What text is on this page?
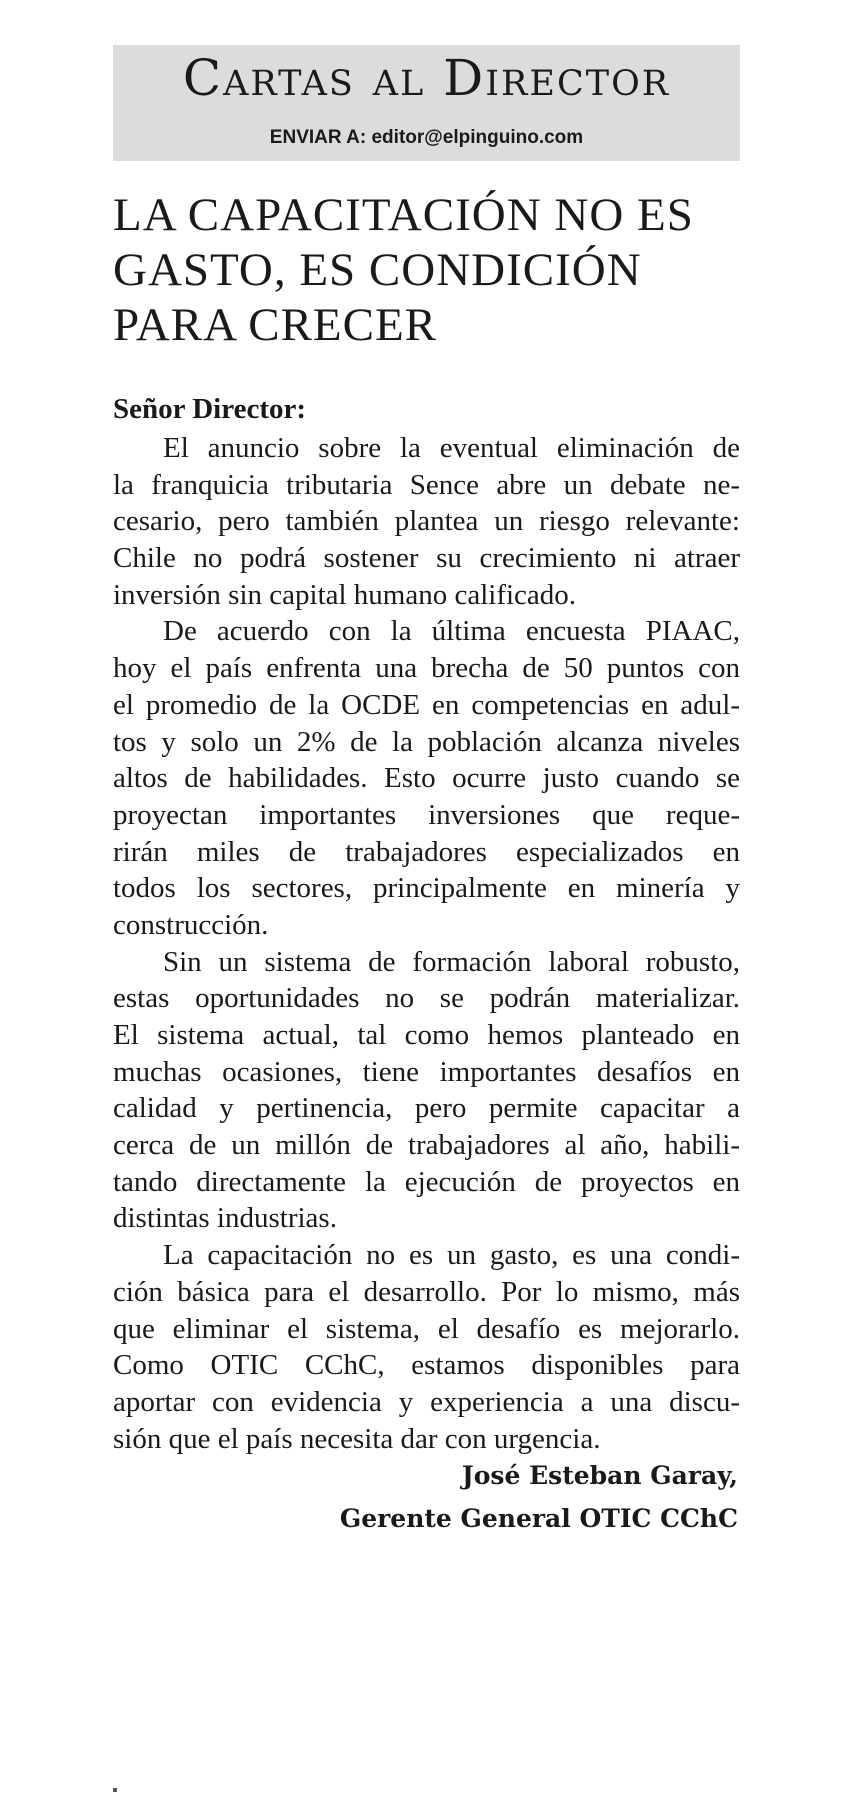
Cartas al Director
ENVIAR A: editor@elpinguino.com
LA CAPACITACIÓN NO ES
GASTO, ES CONDICIÓN
PARA CRECER
Señor Director:
El anuncio sobre la eventual eliminación de
la franquicia tributaria Sence abre un debate ne-
cesario, pero también plantea un riesgo relevante:
Chile no podrá sostener su crecimiento ni atraer
inversión sin capital humano calificado.
De acuerdo con la última encuesta PIAAC,
hoy el país enfrenta una brecha de 50 puntos con
el promedio de la OCDE en competencias en adul-
tos y solo un 2% de la población alcanza niveles
altos de habilidades. Esto ocurre justo cuando se
proyectan importantes inversiones que reque-
rirán miles de trabajadores especializados en
todos los sectores, principalmente en minería y
construcción.
Sin un sistema de formación laboral robusto,
estas oportunidades no se podrán materializar.
El sistema actual, tal como hemos planteado en
muchas ocasiones, tiene importantes desafíos en
calidad y pertinencia, pero permite capacitar a
cerca de un millón de trabajadores al año, habili-
tando directamente la ejecución de proyectos en
distintas industrias.
La capacitación no es un gasto, es una condi-
ción básica para el desarrollo. Por lo mismo, más
que eliminar el sistema, el desafío es mejorarlo.
Como OTIC CChC, estamos disponibles para
aportar con evidencia y experiencia a una discu-
sión que el país necesita dar con urgencia.
José Esteban Garay,
Gerente General OTIC CChC
